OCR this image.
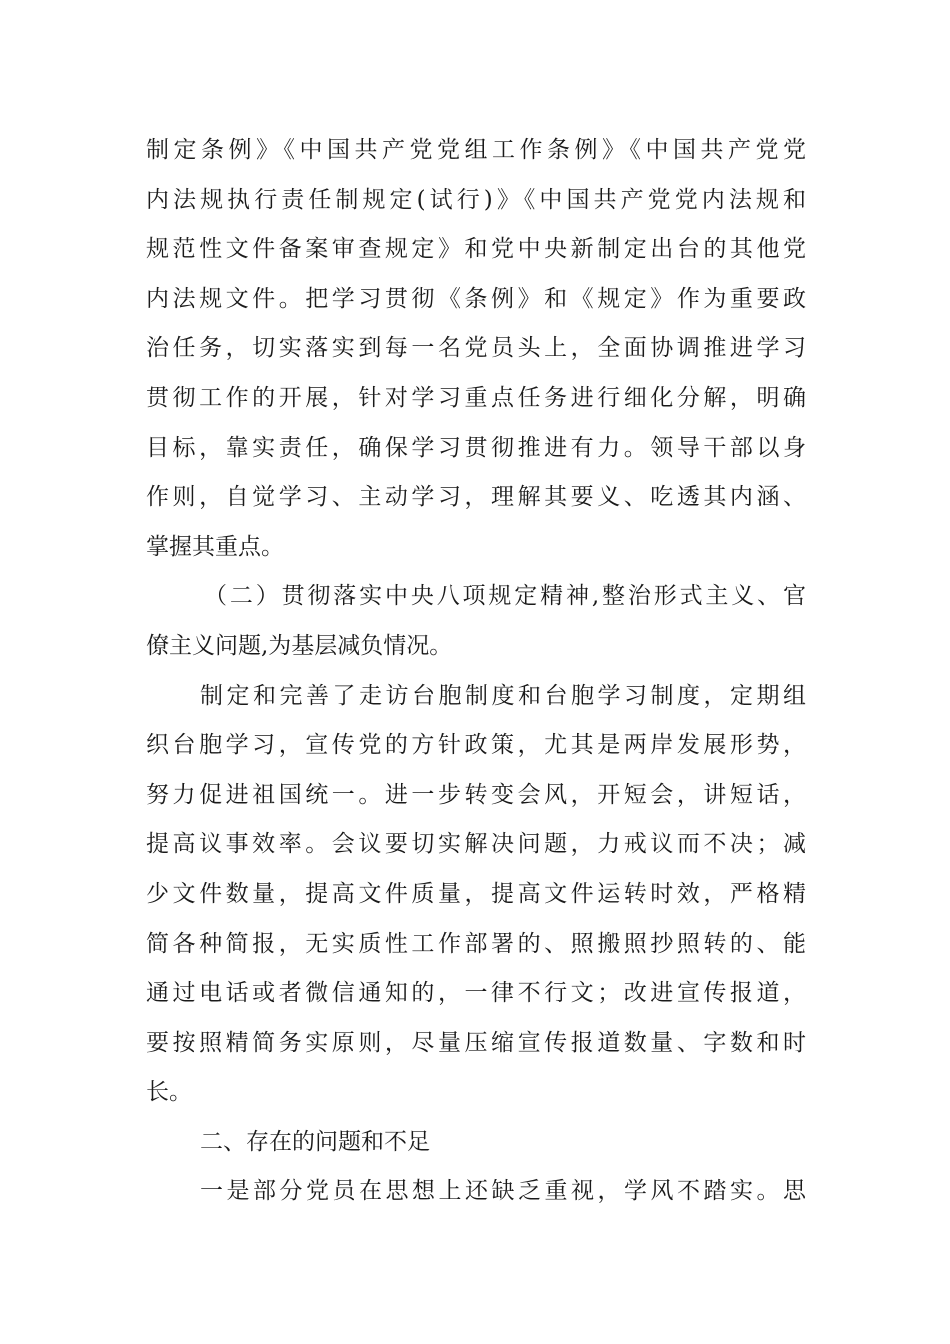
制定条例》《中国共产党党组工作条例》《中国共产党党
内法规执行责任制规定(试行)》《中国共产党党内法规和
规范性文件备案审查规定》和党中央新制定出台的其他党
内法规文件。把学习贯彻《条例》和《规定》作为重要政
治任务，切实落实到每一名党员头上，全面协调推进学习
贯彻工作的开展，针对学习重点任务进行细化分解，明确
目标，靠实责任，确保学习贯彻推进有力。领导干部以身
作则，自觉学习、主动学习，理解其要义、吃透其内涵、
掌握其重点。
（二）贯彻落实中央八项规定精神,整治形式主义、官
僚主义问题,为基层减负情况。
制定和完善了走访台胞制度和台胞学习制度，定期组
织台胞学习，宣传党的方针政策，尤其是两岸发展形势，
努力促进祖国统一。进一步转变会风，开短会，讲短话，
提高议事效率。会议要切实解决问题，力戒议而不决；减
少文件数量，提高文件质量，提高文件运转时效，严格精
简各种简报，无实质性工作部署的、照搬照抄照转的、能
通过电话或者微信通知的，一律不行文；改进宣传报道，
要按照精简务实原则，尽量压缩宣传报道数量、字数和时
长。
二、存在的问题和不足
一是部分党员在思想上还缺乏重视，学风不踏实。思
